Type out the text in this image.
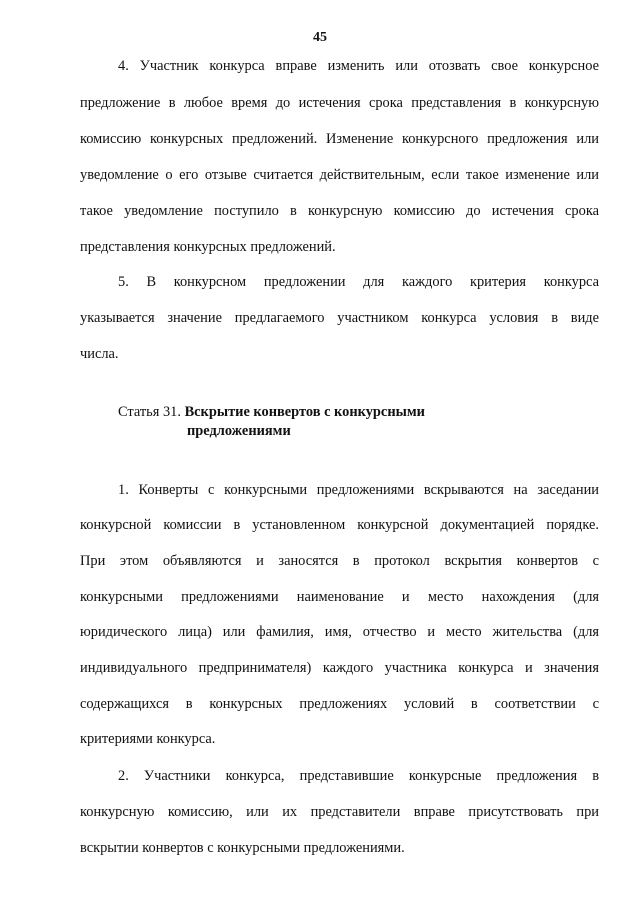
45
4. Участник конкурса вправе изменить или отозвать свое конкурсное
предложение в любое время до истечения срока представления в конкурсную
комиссию конкурсных предложений. Изменение конкурсного предложения или
уведомление о его отзыве считается действительным, если такое изменение или
такое уведомление поступило в конкурсную комиссию до истечения срока
представления конкурсных предложений.
5. В конкурсном предложении для каждого критерия конкурса
указывается значение предлагаемого участником конкурса условия в виде
числа.
Статья 31. Вскрытие конвертов с конкурсными
предложениями
1. Конверты с конкурсными предложениями вскрываются на заседании
конкурсной комиссии в установленном конкурсной документацией порядке.
При этом объявляются и заносятся в протокол вскрытия конвертов с
конкурсными предложениями наименование и место нахождения (для
юридического лица) или фамилия, имя, отчество и место жительства (для
индивидуального предпринимателя) каждого участника конкурса и значения
содержащихся в конкурсных предложениях условий в соответствии с
критериями конкурса.
2. Участники конкурса, представившие конкурсные предложения в
конкурсную комиссию, или их представители вправе присутствовать при
вскрытии конвертов с конкурсными предложениями.
